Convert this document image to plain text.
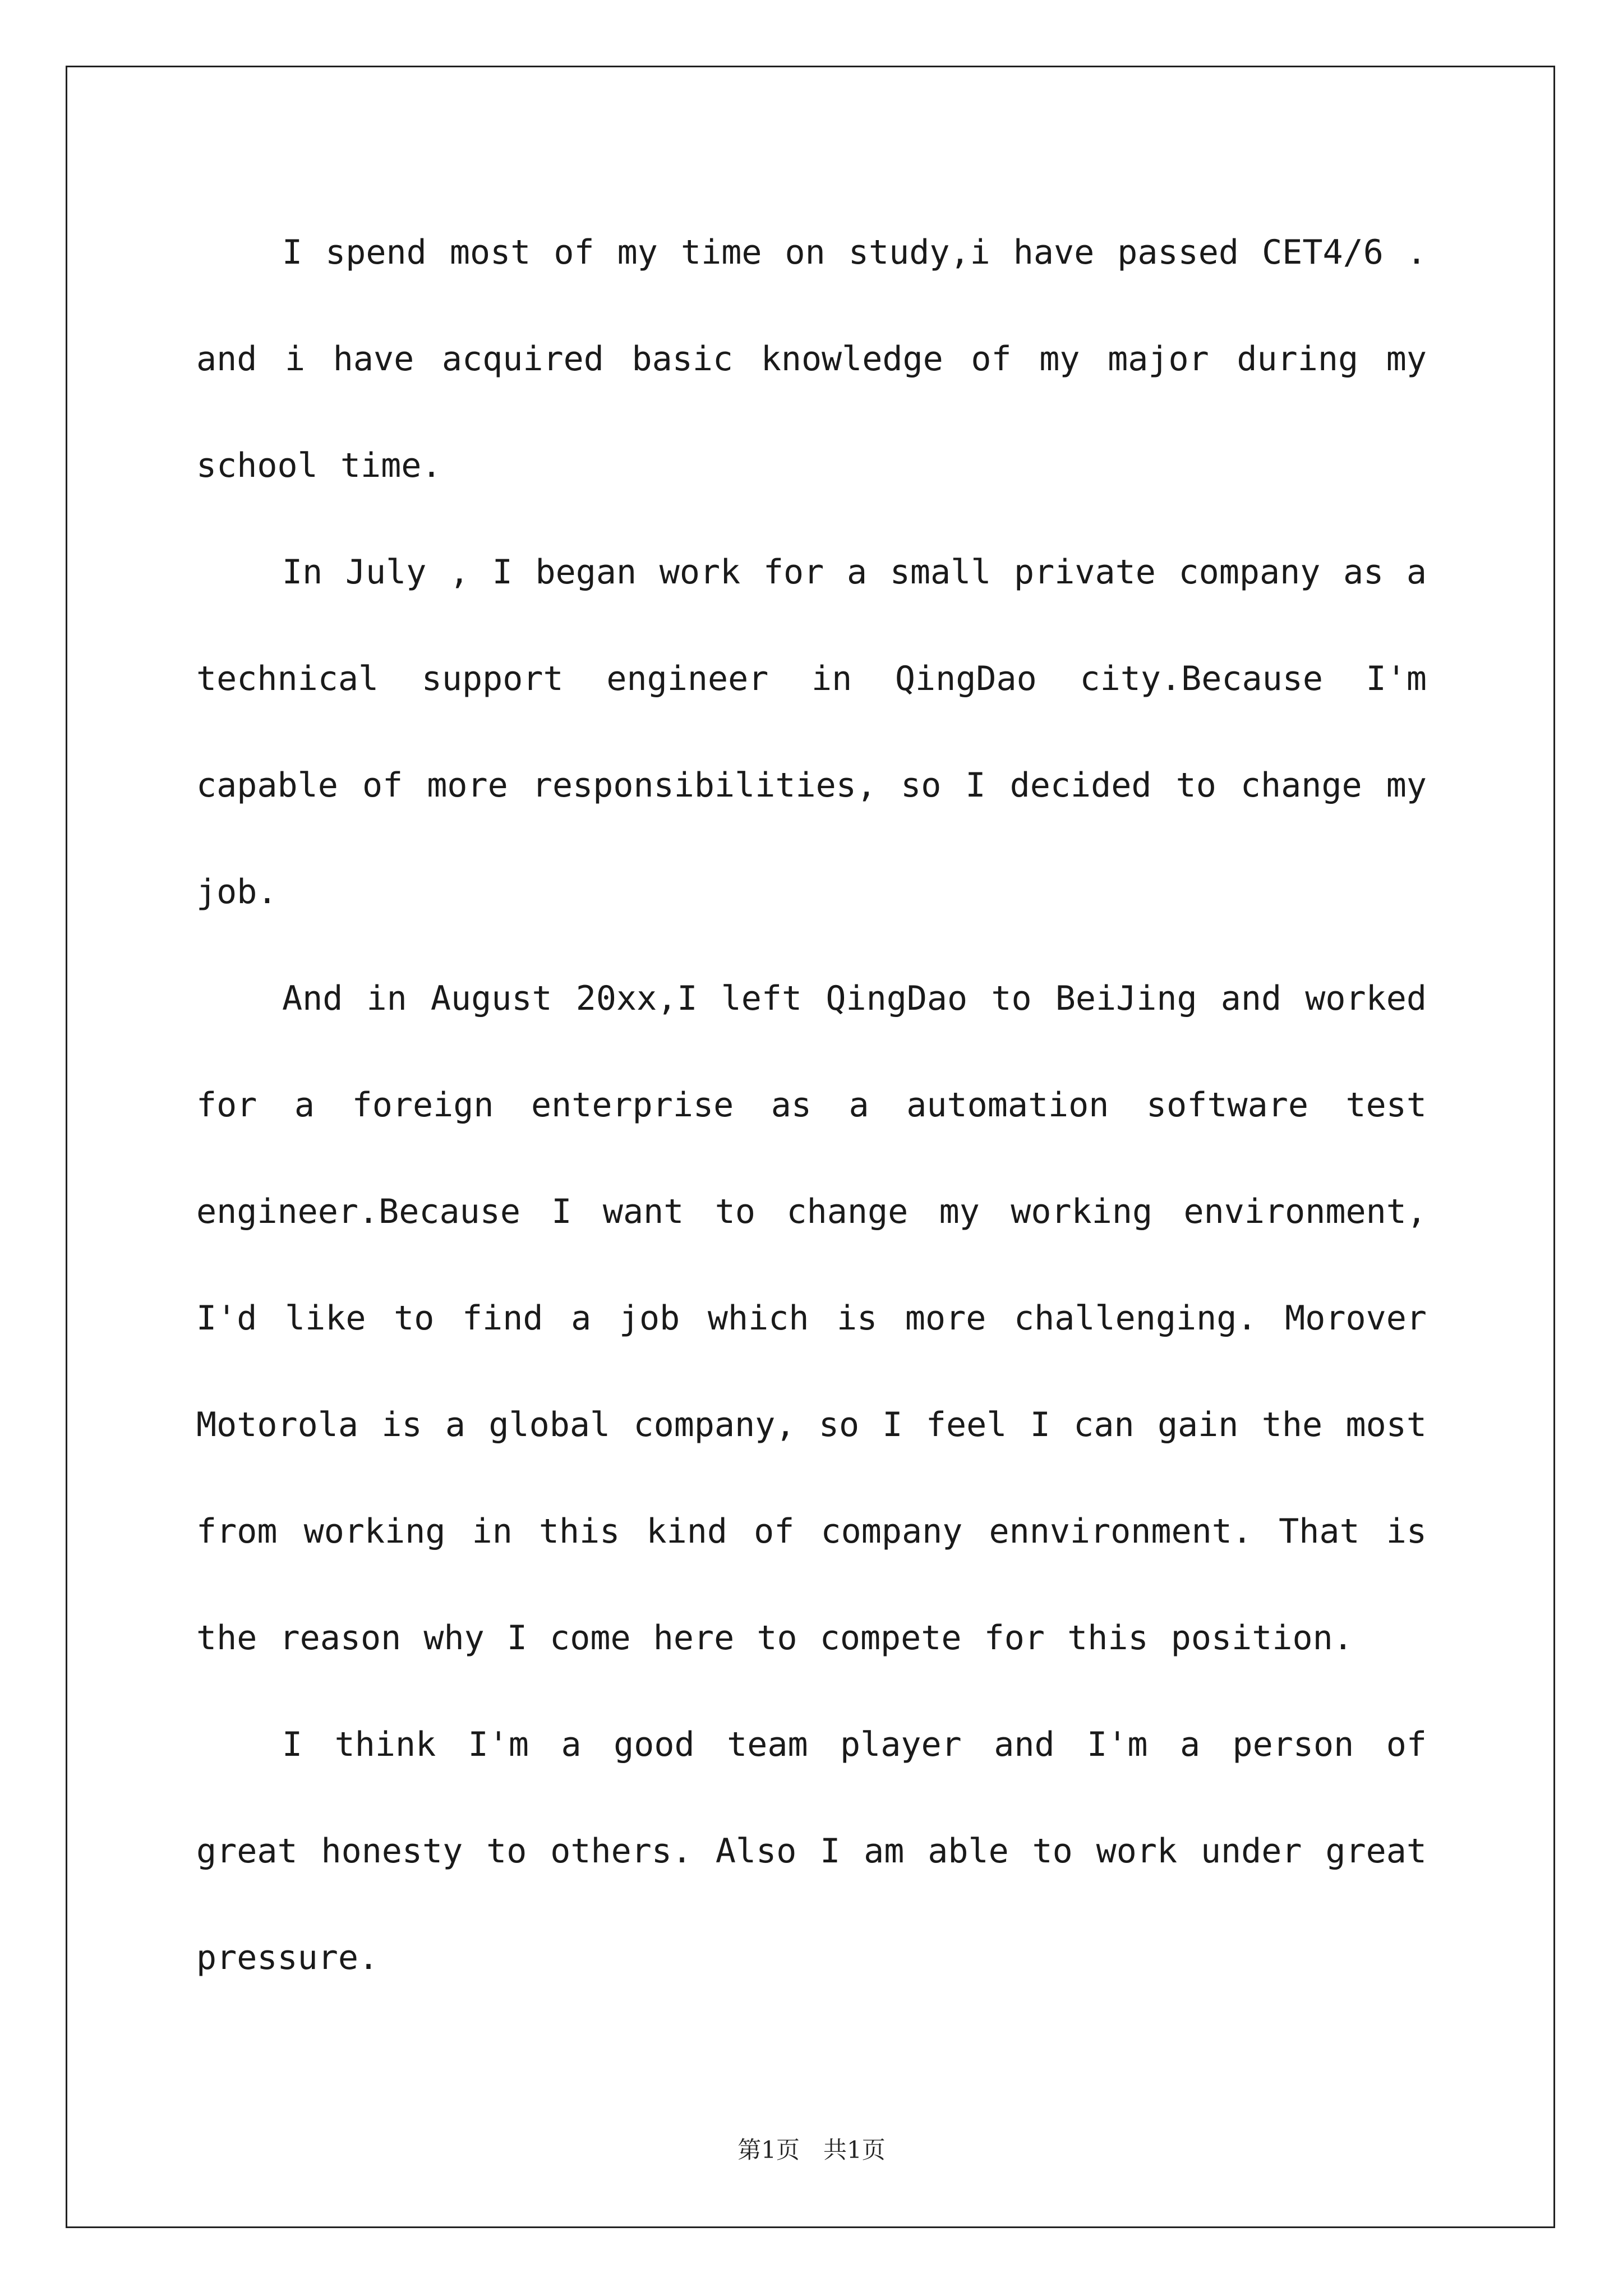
I spend most of my time on study,i have passed CET4/6 . and i have acquired basic knowledge of my major during my school time.

In July , I began work for a small private company as a technical support engineer in QingDao city.Because I'm capable of more responsibilities, so I decided to change my job.

And in August 20xx,I left QingDao to BeiJing and worked for a foreign enterprise as a automation software test engineer.Because I want to change my working environment, I'd like to find a job which is more challenging. Morover Motorola is a global company, so I feel I can gain the most from working in this kind of company ennvironment. That is the reason why I come here to compete for this position.

I think I'm a good team player and I'm a person of great honesty to others. Also I am able to work under great pressure.

第1页　共1页
